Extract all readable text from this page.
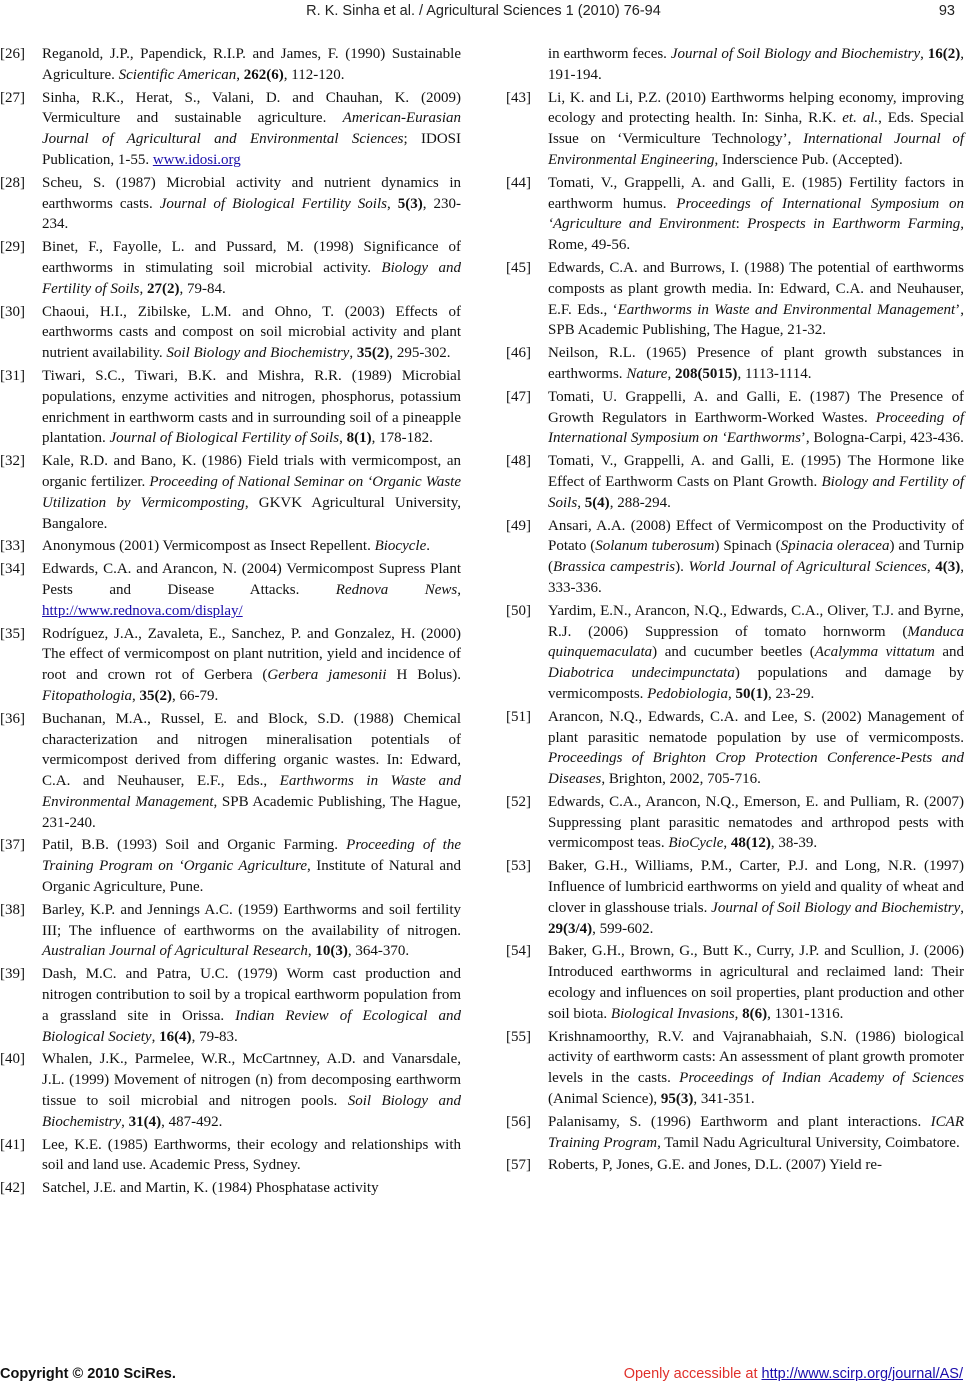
R. K. Sinha et al. / Agricultural Sciences 1 (2010) 76-94	93
[26] Reganold, J.P., Papendick, R.I.P. and James, F. (1990) Sustainable Agriculture. Scientific American, 262(6), 112-120.
[27] Sinha, R.K., Herat, S., Valani, D. and Chauhan, K. (2009) Vermiculture and sustainable agriculture. American-Eurasian Journal of Agricultural and Environmental Sciences; IDOSI Publication, 1-55. www.idosi.org
[28] Scheu, S. (1987) Microbial activity and nutrient dynamics in earthworms casts. Journal of Biological Fertility Soils, 5(3), 230-234.
[29] Binet, F., Fayolle, L. and Pussard, M. (1998) Significance of earthworms in stimulating soil microbial activity. Biology and Fertility of Soils, 27(2), 79-84.
[30] Chaoui, H.I., Zibilske, L.M. and Ohno, T. (2003) Effects of earthworms casts and compost on soil microbial activity and plant nutrient availability. Soil Biology and Biochemistry, 35(2), 295-302.
[31] Tiwari, S.C., Tiwari, B.K. and Mishra, R.R. (1989) Microbial populations, enzyme activities and nitrogen, phosphorus, potassium enrichment in earthworm casts and in surrounding soil of a pineapple plantation. Journal of Biological Fertility of Soils, 8(1), 178-182.
[32] Kale, R.D. and Bano, K. (1986) Field trials with vermicompost, an organic fertilizer. Proceeding of National Seminar on ‘Organic Waste Utilization by Vermicomposting, GKVK Agricultural University, Bangalore.
[33] Anonymous (2001) Vermicompost as Insect Repellent. Biocycle.
[34] Edwards, C.A. and Arancon, N. (2004) Vermicompost Supress Plant Pests and Disease Attacks. Rednova News, http://www.rednova.com/display/
[35] Rodríguez, J.A., Zavaleta, E., Sanchez, P. and Gonzalez, H. (2000) The effect of vermicompost on plant nutrition, yield and incidence of root and crown rot of Gerbera (Gerbera jamesonii H Bolus). Fitopathologia, 35(2), 66-79.
[36] Buchanan, M.A., Russel, E. and Block, S.D. (1988) Chemical characterization and nitrogen mineralisation potentials of vermicompost derived from differing organic wastes. In: Edward, C.A. and Neuhauser, E.F., Eds., Earthworms in Waste and Environmental Management, SPB Academic Publishing, The Hague, 231-240.
[37] Patil, B.B. (1993) Soil and Organic Farming. Proceeding of the Training Program on ‘Organic Agriculture, Institute of Natural and Organic Agriculture, Pune.
[38] Barley, K.P. and Jennings A.C. (1959) Earthworms and soil fertility III; The influence of earthworms on the availability of nitrogen. Australian Journal of Agricultural Research, 10(3), 364-370.
[39] Dash, M.C. and Patra, U.C. (1979) Worm cast production and nitrogen contribution to soil by a tropical earthworm population from a grassland site in Orissa. Indian Review of Ecological and Biological Society, 16(4), 79-83.
[40] Whalen, J.K., Parmelee, W.R., McCartnney, A.D. and Vanarsdale, J.L. (1999) Movement of nitrogen (n) from decomposing earthworm tissue to soil microbial and nitrogen pools. Soil Biology and Biochemistry, 31(4), 487-492.
[41] Lee, K.E. (1985) Earthworms, their ecology and relationships with soil and land use. Academic Press, Sydney.
[42] Satchel, J.E. and Martin, K. (1984) Phosphatase activity
in earthworm feces. Journal of Soil Biology and Biochemistry, 16(2), 191-194.
[43] Li, K. and Li, P.Z. (2010) Earthworms helping economy, improving ecology and protecting health. In: Sinha, R.K. et. al., Eds. Special Issue on ‘Vermiculture Technology’, International Journal of Environmental Engineering, Inderscience Pub. (Accepted).
[44] Tomati, V., Grappelli, A. and Galli, E. (1985) Fertility factors in earthworm humus. Proceedings of International Symposium on ‘Agriculture and Environment: Prospects in Earthworm Farming, Rome, 49-56.
[45] Edwards, C.A. and Burrows, I. (1988) The potential of earthworms composts as plant growth media. In: Edward, C.A. and Neuhauser, E.F. Eds., ‘Earthworms in Waste and Environmental Management’, SPB Academic Publishing, The Hague, 21-32.
[46] Neilson, R.L. (1965) Presence of plant growth substances in earthworms. Nature, 208(5015), 1113-1114.
[47] Tomati, U. Grappelli, A. and Galli, E. (1987) The Presence of Growth Regulators in Earthworm-Worked Wastes. Proceeding of International Symposium on ‘Earthworms’, Bologna-Carpi, 423-436.
[48] Tomati, V., Grappelli, A. and Galli, E. (1995) The Hormone like Effect of Earthworm Casts on Plant Growth. Biology and Fertility of Soils, 5(4), 288-294.
[49] Ansari, A.A. (2008) Effect of Vermicompost on the Productivity of Potato (Solanum tuberosum) Spinach (Spinacia oleracea) and Turnip (Brassica campestris). World Journal of Agricultural Sciences, 4(3), 333-336.
[50] Yardim, E.N., Arancon, N.Q., Edwards, C.A., Oliver, T.J. and Byrne, R.J. (2006) Suppression of tomato hornworm (Manduca quinquemaculata) and cucumber beetles (Acalymma vittatum and Diabotrica undecimpunctata) populations and damage by vermicomposts. Pedobiologia, 50(1), 23-29.
[51] Arancon, N.Q., Edwards, C.A. and Lee, S. (2002) Management of plant parasitic nematode population by use of vermicomposts. Proceedings of Brighton Crop Protection Conference-Pests and Diseases, Brighton, 2002, 705-716.
[52] Edwards, C.A., Arancon, N.Q., Emerson, E. and Pulliam, R. (2007) Suppressing plant parasitic nematodes and arthropod pests with vermicompost teas. BioCycle, 48(12), 38-39.
[53] Baker, G.H., Williams, P.M., Carter, P.J. and Long, N.R. (1997) Influence of lumbricid earthworms on yield and quality of wheat and clover in glasshouse trials. Journal of Soil Biology and Biochemistry, 29(3/4), 599-602.
[54] Baker, G.H., Brown, G., Butt K., Curry, J.P. and Scullion, J. (2006) Introduced earthworms in agricultural and reclaimed land: Their ecology and influences on soil properties, plant production and other soil biota. Biological Invasions, 8(6), 1301-1316.
[55] Krishnamoorthy, R.V. and Vajranabhaiah, S.N. (1986) biological activity of earthworm casts: An assessment of plant growth promoter levels in the casts. Proceedings of Indian Academy of Sciences (Animal Science), 95(3), 341-351.
[56] Palanisamy, S. (1996) Earthworm and plant interactions. ICAR Training Program, Tamil Nadu Agricultural University, Coimbatore.
[57] Roberts, P, Jones, G.E. and Jones, D.L. (2007) Yield re-
Copyright © 2010 SciRes.	Openly accessible at http://www.scirp.org/journal/AS/
